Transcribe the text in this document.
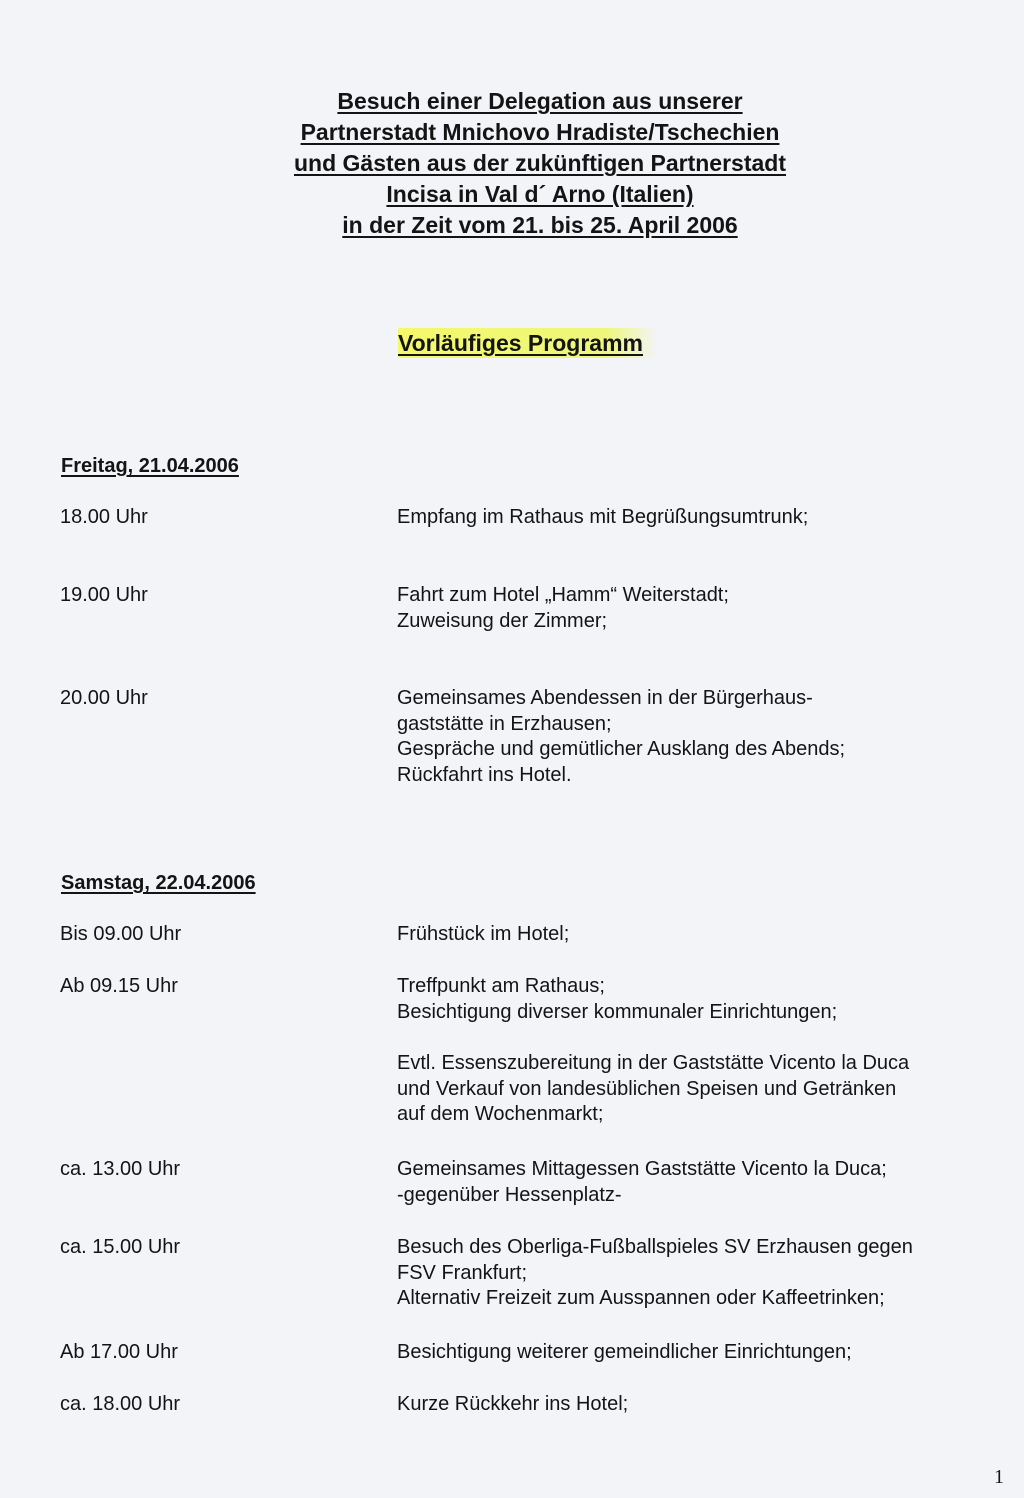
Besuch einer Delegation aus unserer
Partnerstadt Mnichovo Hradiste/Tschechien
und Gästen aus der zukünftigen Partnerstadt
Incisa in Val d´ Arno (Italien)
in der Zeit vom 21. bis 25. April 2006
Vorläufiges Programm
Freitag, 21.04.2006
18.00 Uhr	Empfang im Rathaus mit Begrüßungsumtrunk;
19.00 Uhr	Fahrt zum Hotel „Hamm“ Weiterstadt;
Zuweisung der Zimmer;
20.00 Uhr	Gemeinsames Abendessen in der Bürgerhaus-
gaststätte in Erzhausen;
Gespräche und gemütlicher Ausklang des Abends;
Rückfahrt ins Hotel.
Samstag, 22.04.2006
Bis 09.00 Uhr	Frühstück im Hotel;
Ab 09.15 Uhr	Treffpunkt am Rathaus;
Besichtigung diverser kommunaler Einrichtungen;
Evtl. Essenszubereitung in der Gaststätte Vicento la Duca
und Verkauf von landesüblichen Speisen und Getränken
auf dem Wochenmarkt;
ca. 13.00 Uhr	Gemeinsames Mittagessen Gaststätte Vicento la Duca;
-gegenüber Hessenplatz-
ca. 15.00 Uhr	Besuch des Oberliga-Fußballspieles SV Erzhausen gegen
FSV Frankfurt;
Alternativ Freizeit zum Ausspannen oder Kaffeetrinken;
Ab 17.00 Uhr	Besichtigung weiterer gemeindlicher Einrichtungen;
ca. 18.00 Uhr	Kurze Rückkehr ins Hotel;
1
